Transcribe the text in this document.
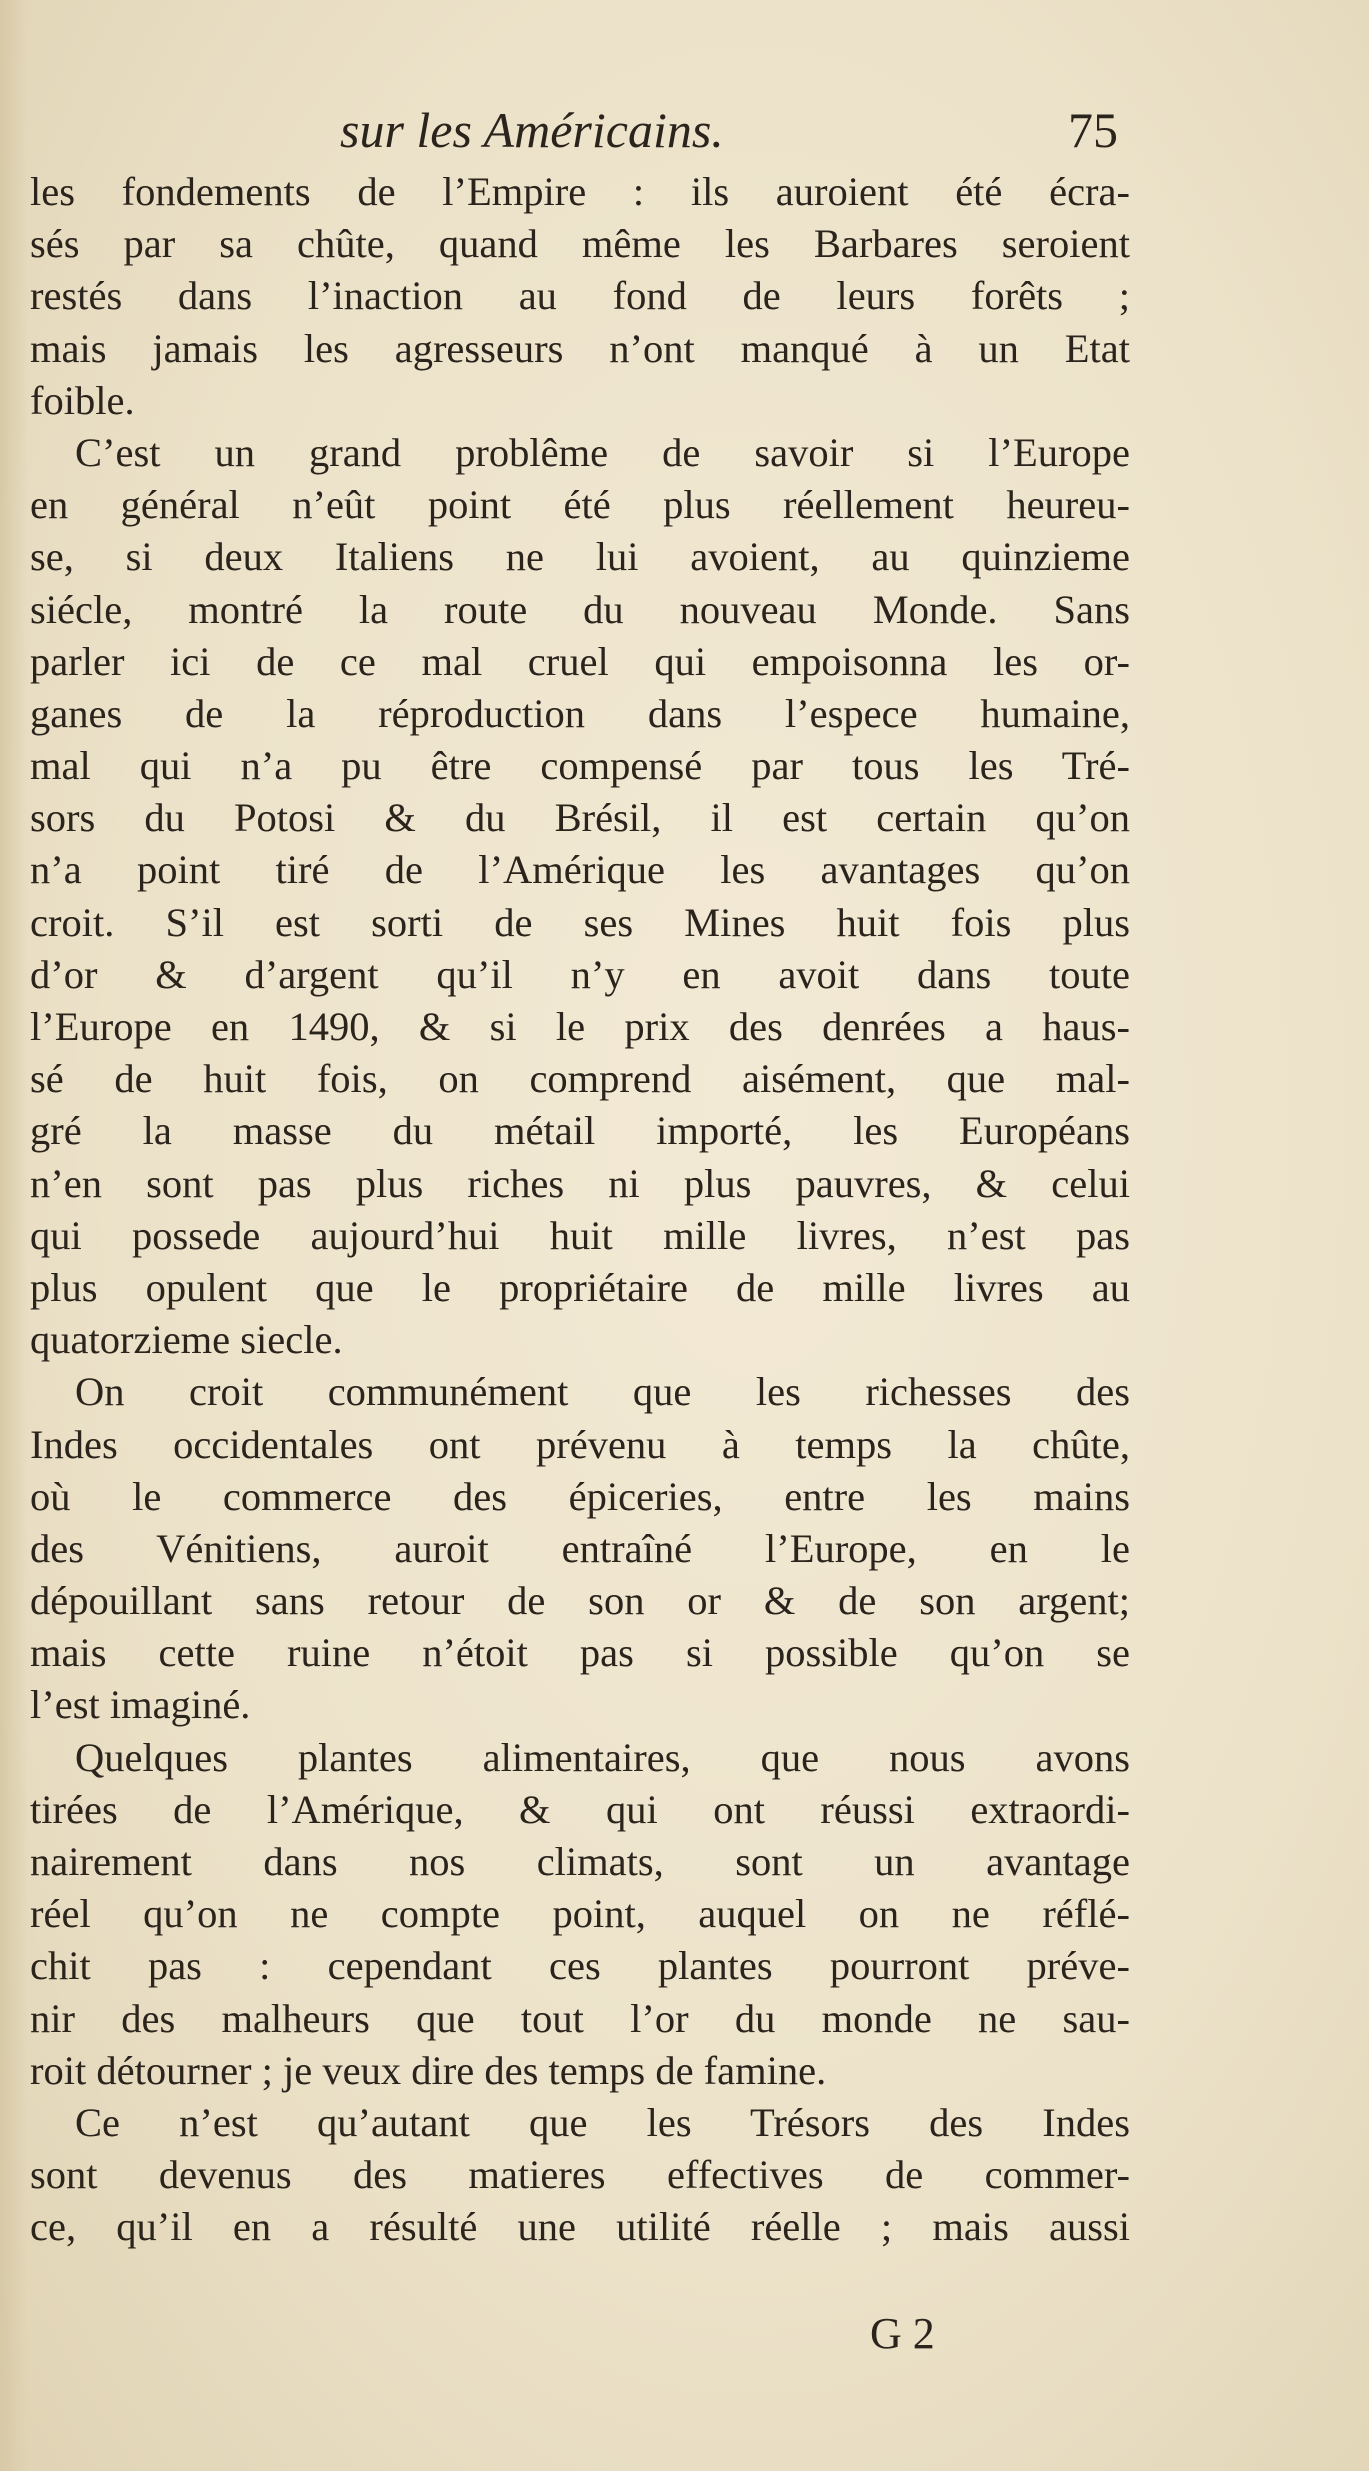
sur les Américains.	75
les fondements de l’Empire : ils auroient été écra-
sés par sa chûte, quand même les Barbares seroient
restés dans l’inaction au fond de leurs forêts ;
mais jamais les agresseurs n’ont manqué à un Etat
foible.
C’est un grand problême de savoir si l’Europe
en général n’eût point été plus réellement heureu-
se, si deux Italiens ne lui avoient, au quinzieme
siécle, montré la route du nouveau Monde. Sans
parler ici de ce mal cruel qui empoisonna les or-
ganes de la réproduction dans l’espece humaine,
mal qui n’a pu être compensé par tous les Tré-
sors du Potosi & du Brésil, il est certain qu’on
n’a point tiré de l’Amérique les avantages qu’on
croit. S’il est sorti de ses Mines huit fois plus
d’or & d’argent qu’il n’y en avoit dans toute
l’Europe en 1490, & si le prix des denrées a haus-
sé de huit fois, on comprend aisément, que mal-
gré la masse du métail importé, les Européans
n’en sont pas plus riches ni plus pauvres, & celui
qui possede aujourd’hui huit mille livres, n’est pas
plus opulent que le propriétaire de mille livres au
quatorzieme siecle.
On croit communément que les richesses des
Indes occidentales ont prévenu à temps la chûte,
où le commerce des épiceries, entre les mains
des Vénitiens, auroit entraîné l’Europe, en le
dépouillant sans retour de son or & de son argent;
mais cette ruine n’étoit pas si possible qu’on se
l’est imaginé.
Quelques plantes alimentaires, que nous avons
tirées de l’Amérique, & qui ont réussi extraordi-
nairement dans nos climats, sont un avantage
réel qu’on ne compte point, auquel on ne réflé-
chit pas : cependant ces plantes pourront préve-
nir des malheurs que tout l’or du monde ne sau-
roit détourner ; je veux dire des temps de famine.
Ce n’est qu’autant que les Trésors des Indes
sont devenus des matieres effectives de commer-
ce, qu’il en a résulté une utilité réelle ; mais aussi
G 2
